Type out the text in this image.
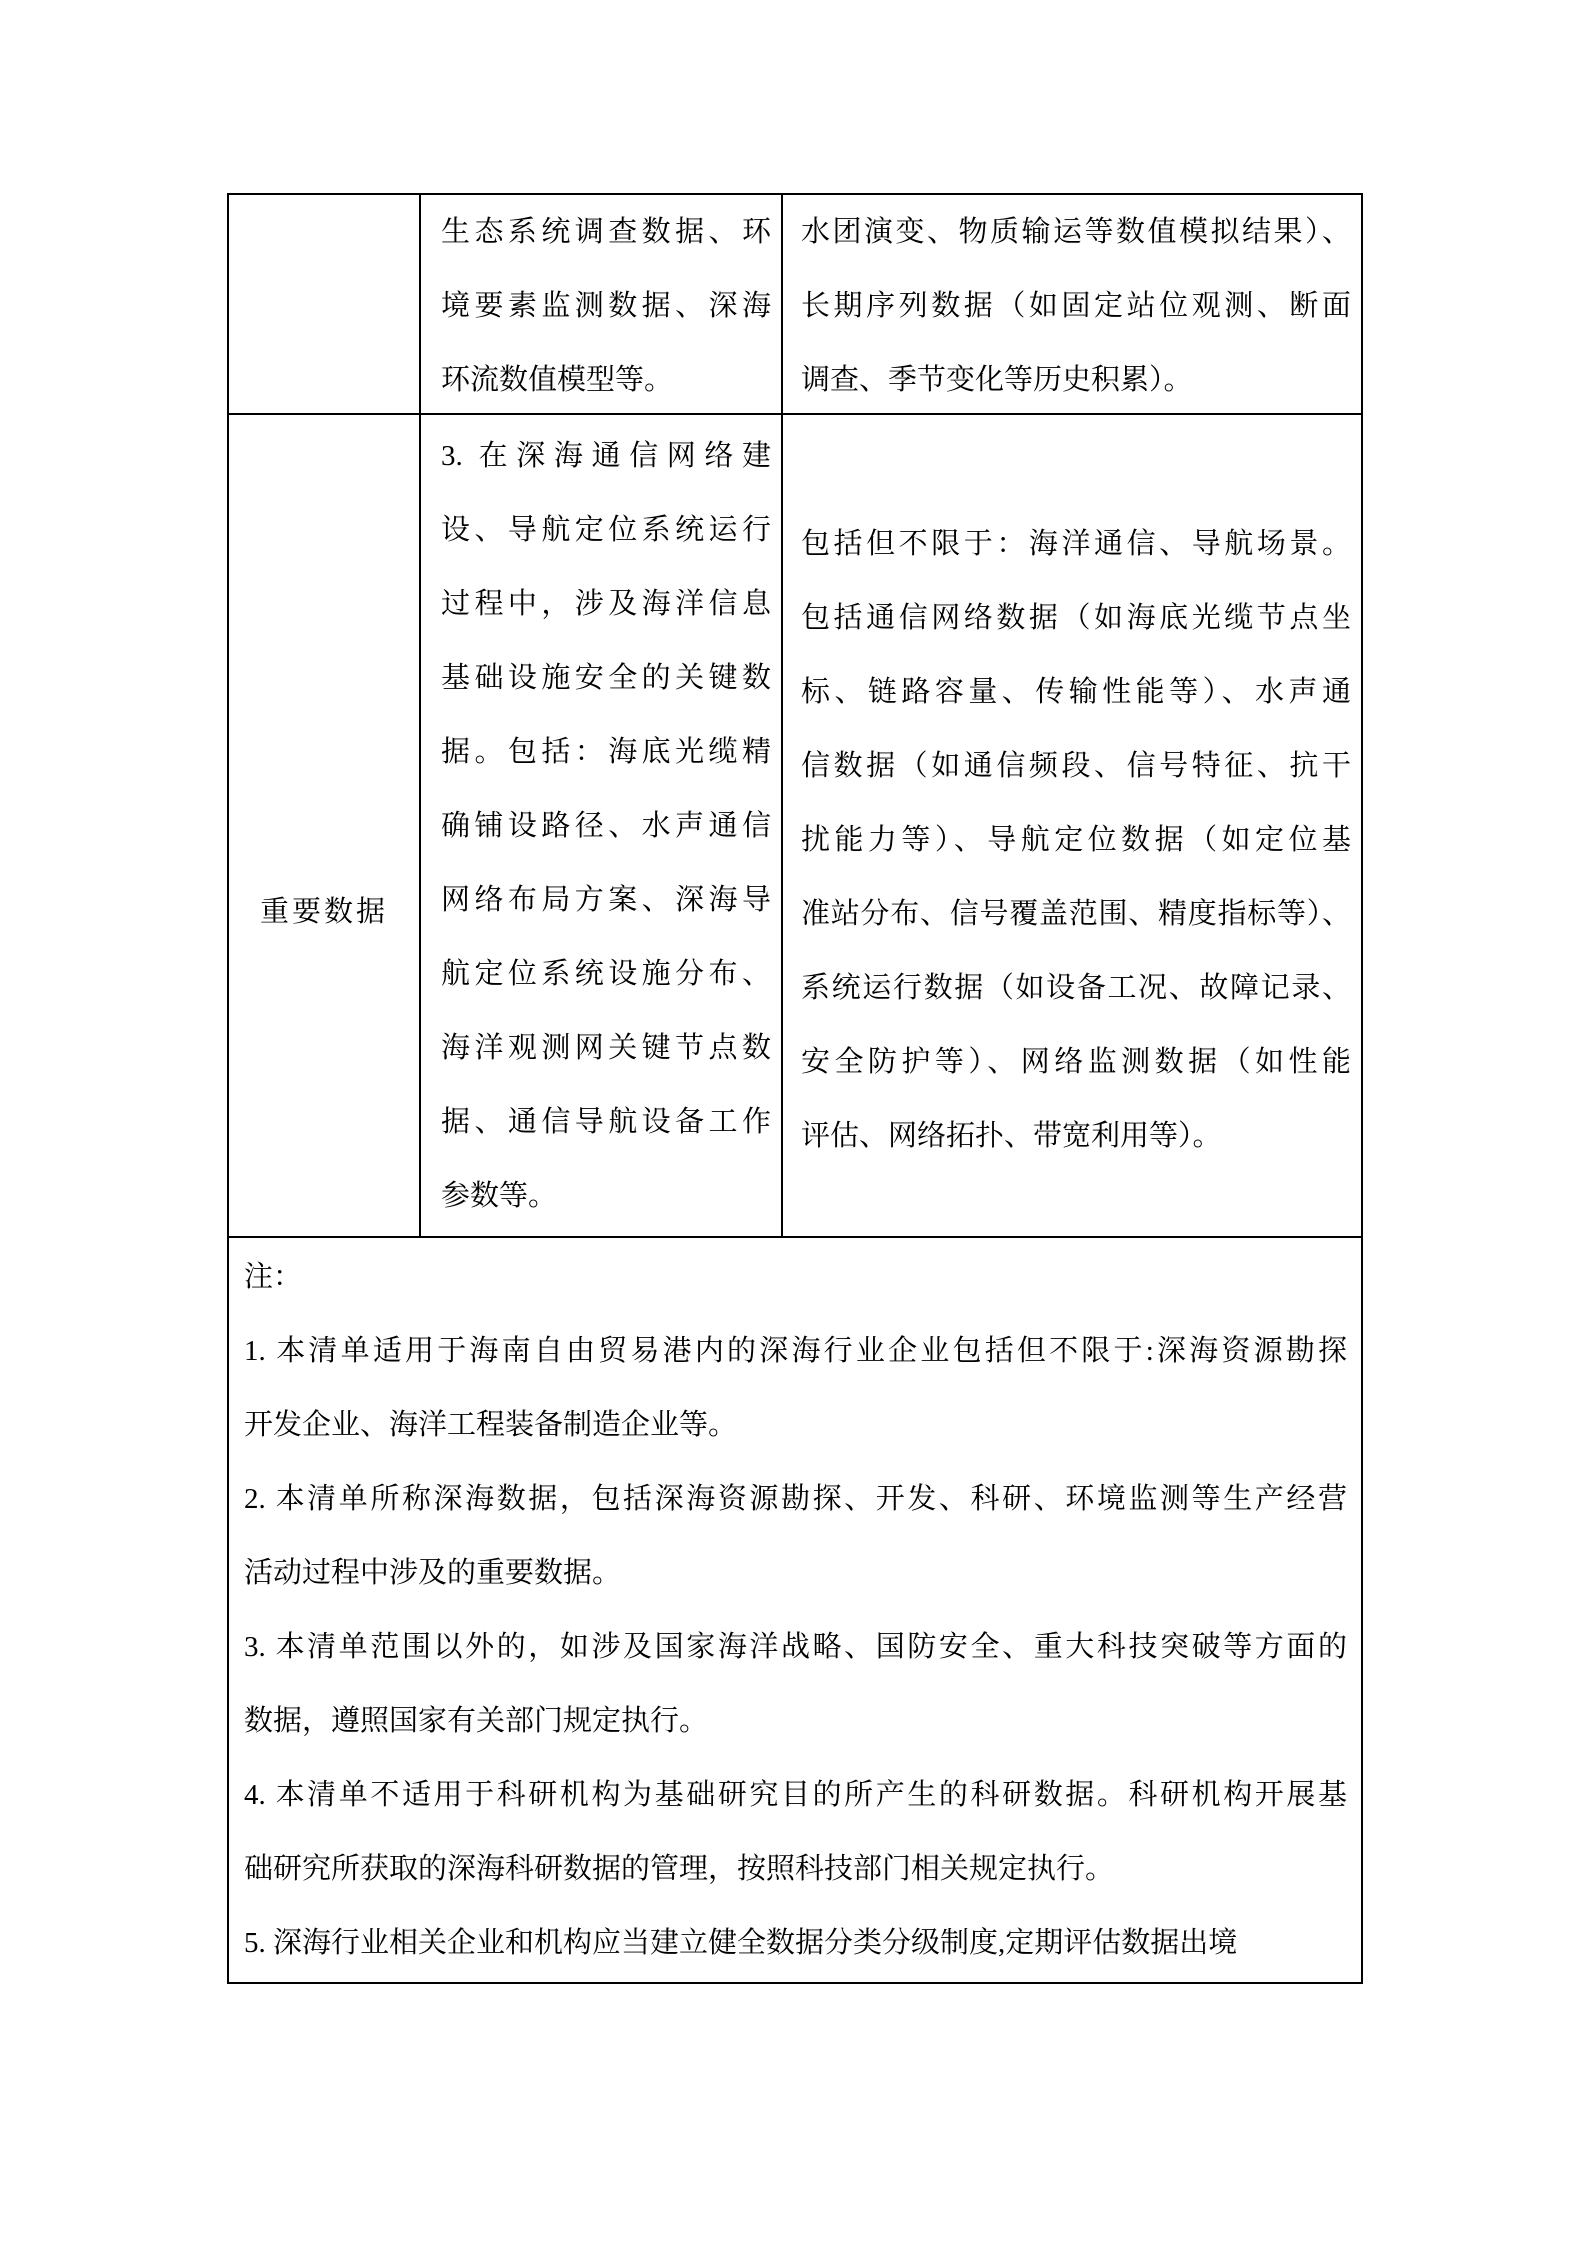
生态系统调查数据、环
境要素监测数据、深海
环流数值模型等。
水团演变、物质输运等数值模拟结果）、
长期序列数据（如固定站位观测、断面
调查、季节变化等历史积累）。
重要数据
3. 在深海通信网络建
设、导航定位系统运行
过程中，涉及海洋信息
基础设施安全的关键数
据。包括：海底光缆精
确铺设路径、水声通信
网络布局方案、深海导
航定位系统设施分布、
海洋观测网关键节点数
据、通信导航设备工作
参数等。
包括但不限于：海洋通信、导航场景。
包括通信网络数据（如海底光缆节点坐
标、链路容量、传输性能等）、水声通
信数据（如通信频段、信号特征、抗干
扰能力等）、导航定位数据（如定位基
准站分布、信号覆盖范围、精度指标等）、
系统运行数据（如设备工况、故障记录、
安全防护等）、网络监测数据（如性能
评估、网络拓扑、带宽利用等）。
注：
1. 本清单适用于海南自由贸易港内的深海行业企业包括但不限于:深海资源勘探
开发企业、海洋工程装备制造企业等。
2. 本清单所称深海数据，包括深海资源勘探、开发、科研、环境监测等生产经营
活动过程中涉及的重要数据。
3. 本清单范围以外的，如涉及国家海洋战略、国防安全、重大科技突破等方面的
数据，遵照国家有关部门规定执行。
4. 本清单不适用于科研机构为基础研究目的所产生的科研数据。科研机构开展基
础研究所获取的深海科研数据的管理，按照科技部门相关规定执行。
5. 深海行业相关企业和机构应当建立健全数据分类分级制度,定期评估数据出境
